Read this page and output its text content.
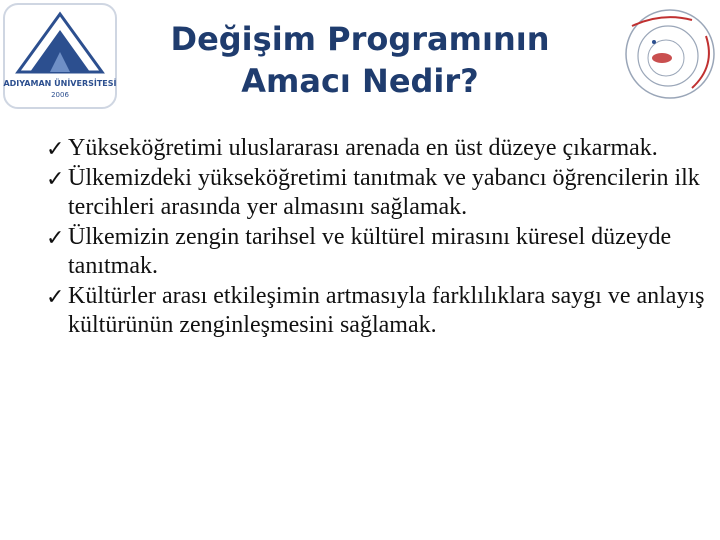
ADIYAMAN ÜNİVERSİTESİ
2006
Değişim Programının
Amacı Nedir?
✓ Yükseköğretimi uluslararası arenada en üst düzeye çıkarmak.
✓ Ülkemizdeki yükseköğretimi tanıtmak ve yabancı öğrencilerin ilk tercihleri arasında yer almasını sağlamak.
✓ Ülkemizin zengin tarihsel ve kültürel mirasını küresel düzeyde tanıtmak.
✓ Kültürler arası etkileşimin artmasıyla farklılıklara saygı ve anlayış kültürünün zenginleşmesini sağlamak.
